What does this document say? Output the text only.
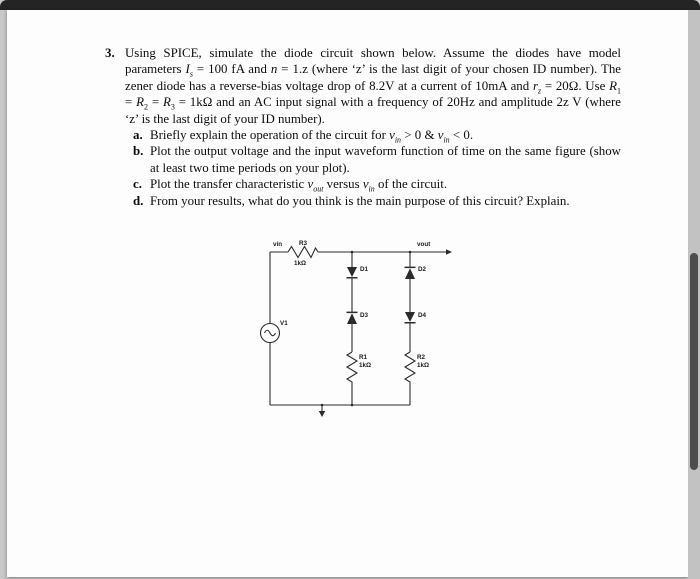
3. Using SPICE, simulate the diode circuit shown below. Assume the diodes have model parameters $I_s = 100$ fA and n = 1.z (where ‘z’ is the last digit of your chosen ID number). The zener diode has a reverse-bias voltage drop of 8.2V at a current of 10mA and $r_z = 20\Omega$. Use $R_1 = R_2 = R_3 = 1k\Omega$ and an AC input signal with a frequency of 20Hz and amplitude 2z V (where ‘z’ is the last digit of your ID number).

a. Briefly explain the operation of the circuit for $v_{in} > 0$ & $v_{in} < 0$.
b. Plot the output voltage and the input waveform function of time on the same figure (show at least two time periods on your plot).
c. Plot the transfer characteristic $v_{out}$ versus $v_{in}$ of the circuit.
d. From your results, what do you think is the main purpose of this circuit? Explain.
vin	R3
1kΩ
vout
D1	D2
D3	D4
V1
R1
1kΩ
R2
1kΩ
